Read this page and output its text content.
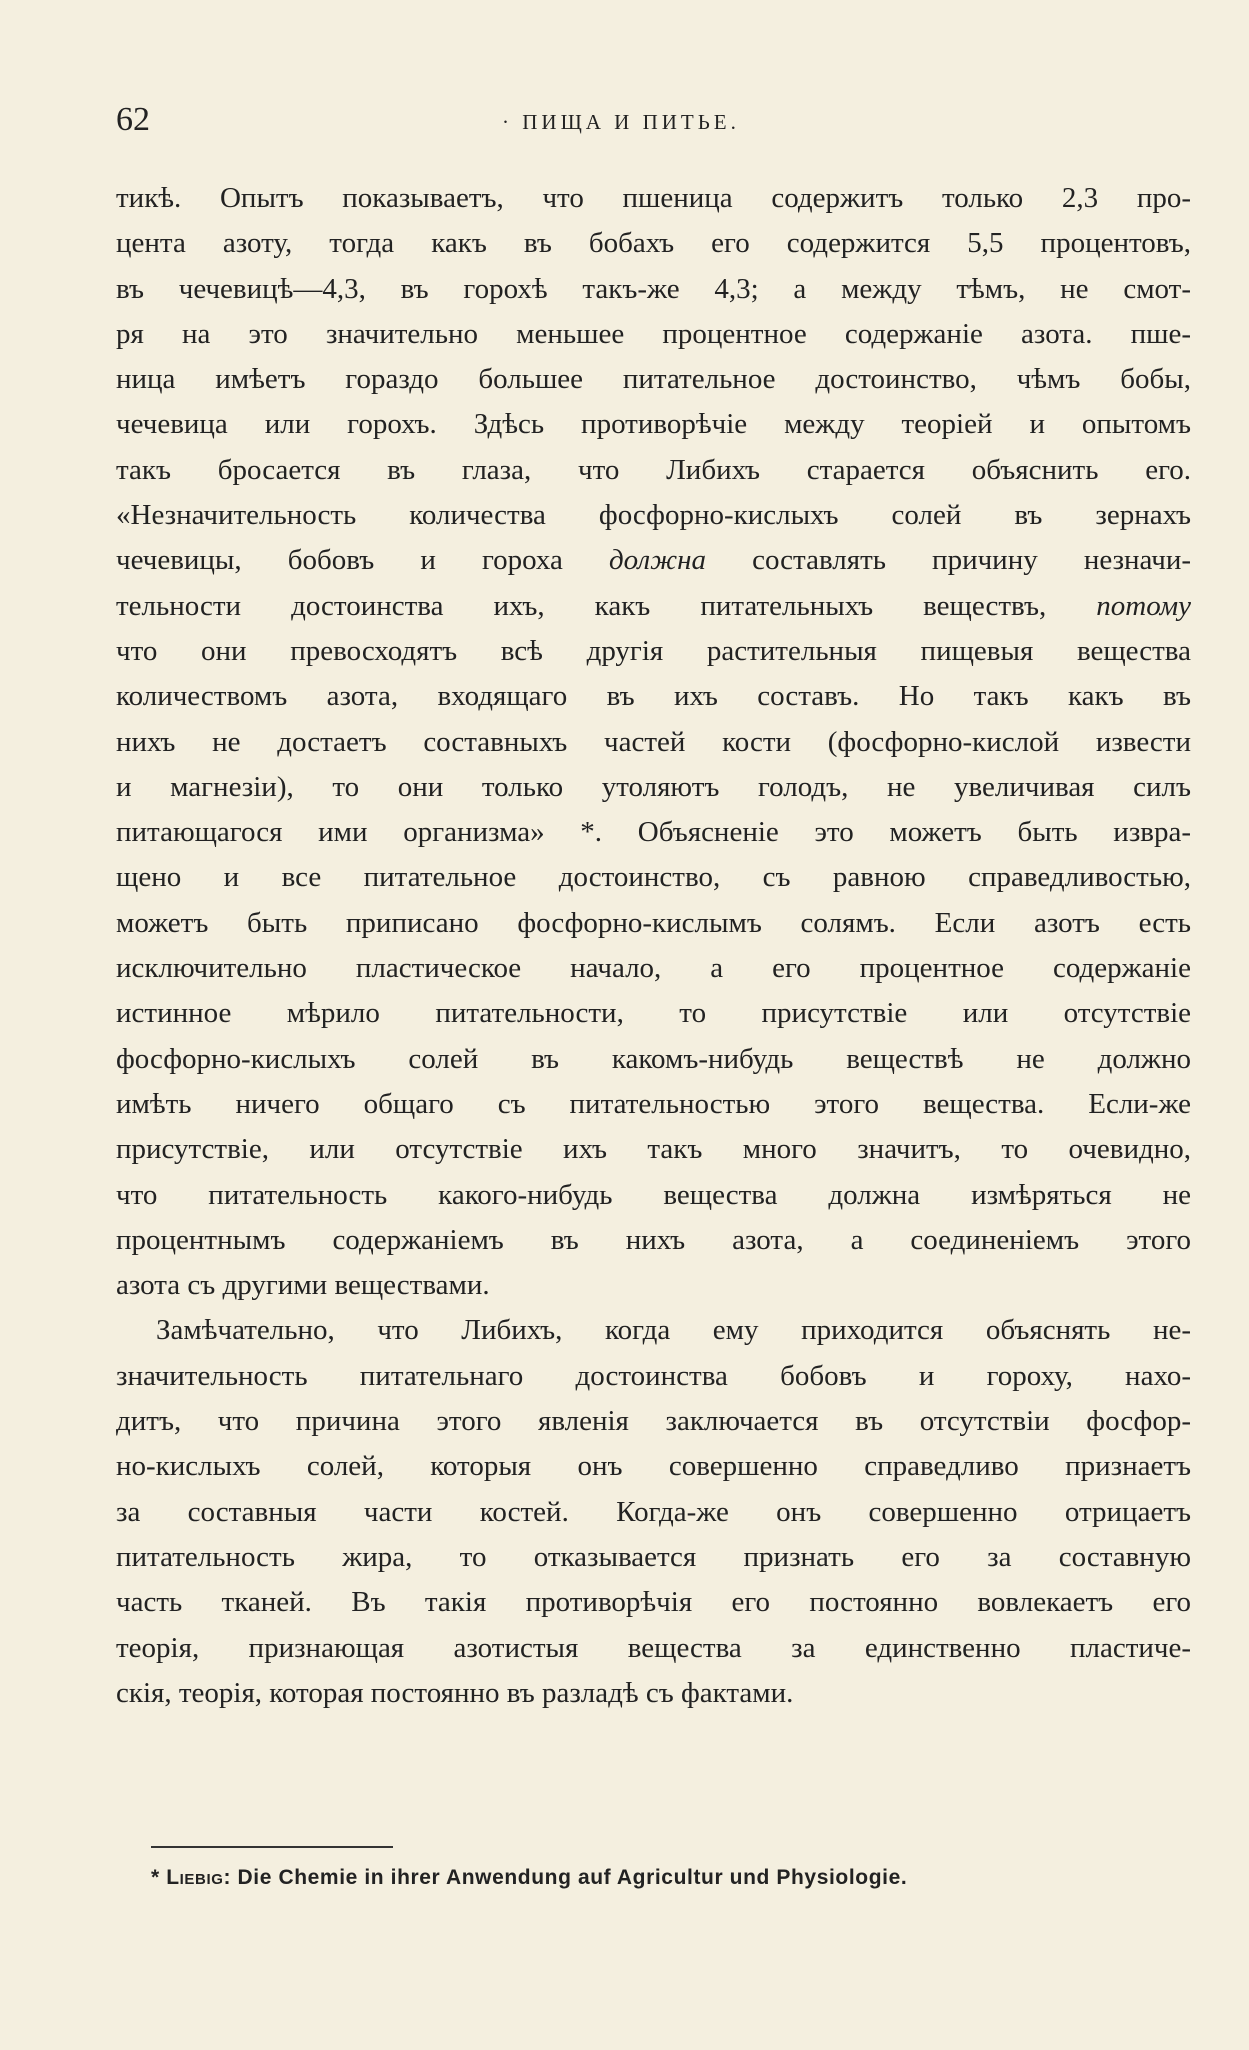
62	· ПИЩА И ПИТЬЕ.
тикѣ. Опытъ показываетъ, что пшеница содержитъ только 2,3 про-
цента азоту, тогда какъ въ бобахъ его содержится 5,5 процентовъ,
въ чечевицѣ—4,3, въ горохѣ такъ-же 4,3; а между тѣмъ, не смот-
ря на это значительно меньшее процентное содержаніе азота. пше-
ница имѣетъ гораздо большее питательное достоинство, чѣмъ бобы,
чечевица или горохъ. Здѣсь противорѣчіе между теоріей и опытомъ
такъ бросается въ глаза, что Либихъ старается объяснить его.
«Незначительность количества фосфорно-кислыхъ солей въ зернахъ
чечевицы, бобовъ и гороха должна составлять причину незначи-
тельности достоинства ихъ, какъ питательныхъ веществъ, потому
что они превосходятъ всѣ другія растительныя пищевыя вещества
количествомъ азота, входящаго въ ихъ составъ. Но такъ какъ въ
нихъ не достаетъ составныхъ частей кости (фосфорно-кислой извести
и магнезіи), то они только утоляютъ голодъ, не увеличивая силъ
питающагося ими организма» *. Объясненіе это можетъ быть извра-
щено и все питательное достоинство, съ равною справедливостью,
можетъ быть приписано фосфорно-кислымъ солямъ. Если азотъ есть
исключительно пластическое начало, а его процентное содержаніе
истинное мѣрило питательности, то присутствіе или отсутствіе
фосфорно-кислыхъ солей въ какомъ-нибудь веществѣ не должно
имѣть ничего общаго съ питательностью этого вещества. Если-же
присутствіе, или отсутствіе ихъ такъ много значитъ, то очевидно,
что питательность какого-нибудь вещества должна измѣряться не
процентнымъ содержаніемъ въ нихъ азота, а соединеніемъ этого
азота съ другими веществами.
Замѣчательно, что Либихъ, когда ему приходится объяснять не-
значительность питательнаго достоинства бобовъ и гороху, нахо-
дитъ, что причина этого явленія заключается въ отсутствіи фосфор-
но-кислыхъ солей, которыя онъ совершенно справедливо признаетъ
за составныя части костей. Когда-же онъ совершенно отрицаетъ
питательность жира, то отказывается признать его за составную
часть тканей. Въ такія противорѣчія его постоянно вовлекаетъ его
теорія, признающая азотистыя вещества за единственно пластиче-
скія, теорія, которая постоянно въ разладѣ съ фактами.
* Liebig: Die Chemie in ihrer Anwendung auf Agricultur und Physiologie.
